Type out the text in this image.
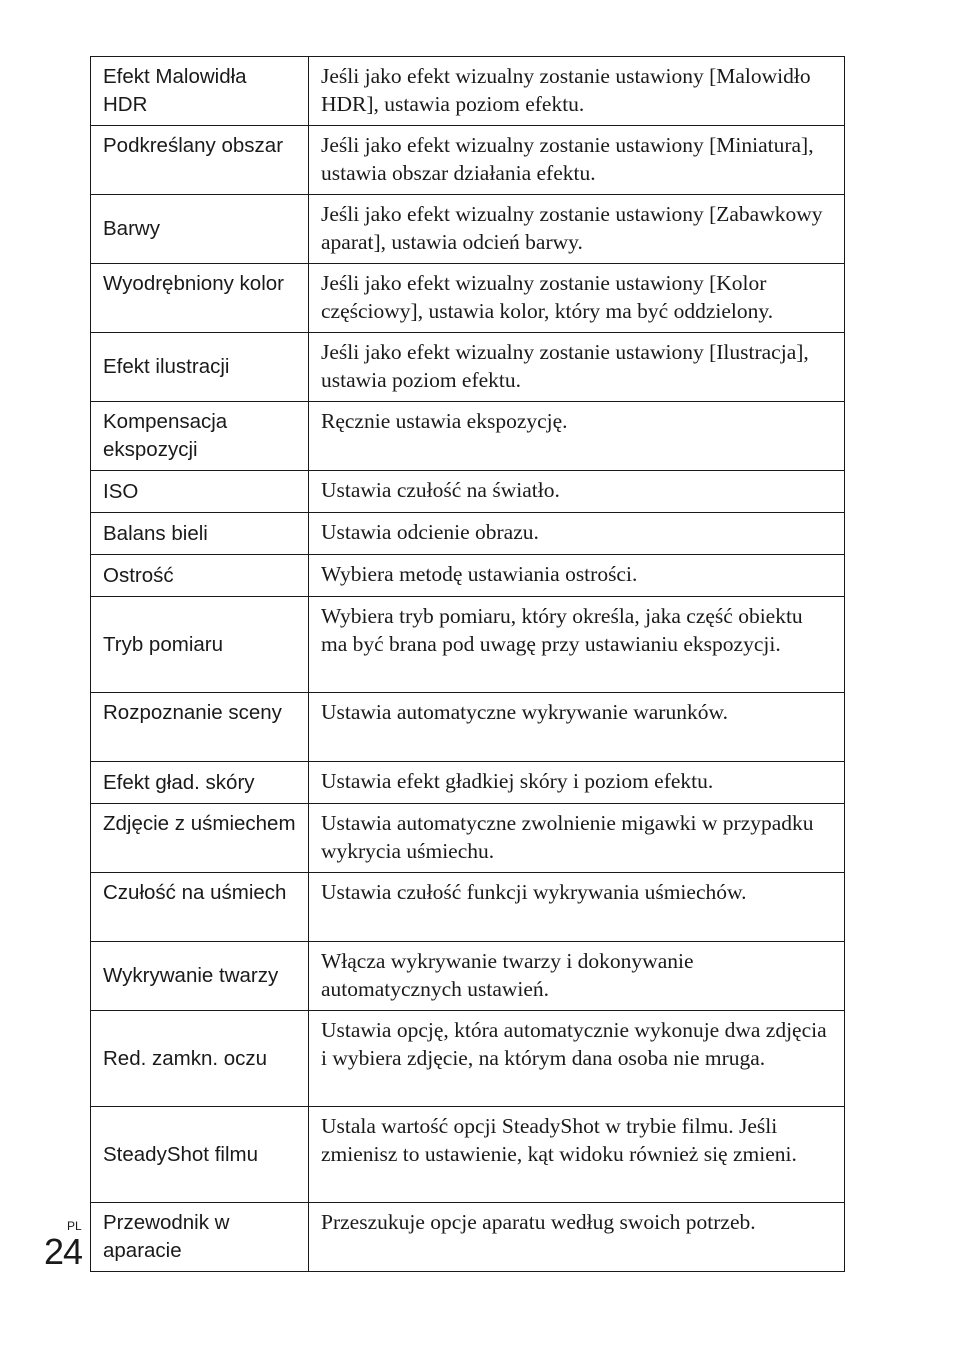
Efekt Malowidła HDR	Jeśli jako efekt wizualny zostanie ustawiony [Malowidło HDR], ustawia poziom efektu.
Podkreślany obszar	Jeśli jako efekt wizualny zostanie ustawiony [Miniatura], ustawia obszar działania efektu.
Barwy	Jeśli jako efekt wizualny zostanie ustawiony [Zabawkowy aparat], ustawia odcień barwy.
Wyodrębniony kolor	Jeśli jako efekt wizualny zostanie ustawiony [Kolor częściowy], ustawia kolor, który ma być oddzielony.
Efekt ilustracji	Jeśli jako efekt wizualny zostanie ustawiony [Ilustracja], ustawia poziom efektu.
Kompensacja ekspozycji	Ręcznie ustawia ekspozycję.
ISO	Ustawia czułość na światło.
Balans bieli	Ustawia odcienie obrazu.
Ostrość	Wybiera metodę ustawiania ostrości.
Tryb pomiaru	Wybiera tryb pomiaru, który określa, jaka część obiektu ma być brana pod uwagę przy ustawianiu ekspozycji.
Rozpoznanie sceny	Ustawia automatyczne wykrywanie warunków.
Efekt gład. skóry	Ustawia efekt gładkiej skóry i poziom efektu.
Zdjęcie z uśmiechem	Ustawia automatyczne zwolnienie migawki w przypadku wykrycia uśmiechu.
Czułość na uśmiech	Ustawia czułość funkcji wykrywania uśmiechów.
Wykrywanie twarzy	Włącza wykrywanie twarzy i dokonywanie automatycznych ustawień.
Red. zamkn. oczu	Ustawia opcję, która automatycznie wykonuje dwa zdjęcia i wybiera zdjęcie, na którym dana osoba nie mruga.
SteadyShot filmu	Ustala wartość opcji SteadyShot w trybie filmu. Jeśli zmienisz to ustawienie, kąt widoku również się zmieni.
Przewodnik w aparacie	Przeszukuje opcje aparatu według swoich potrzeb.
PL
24
